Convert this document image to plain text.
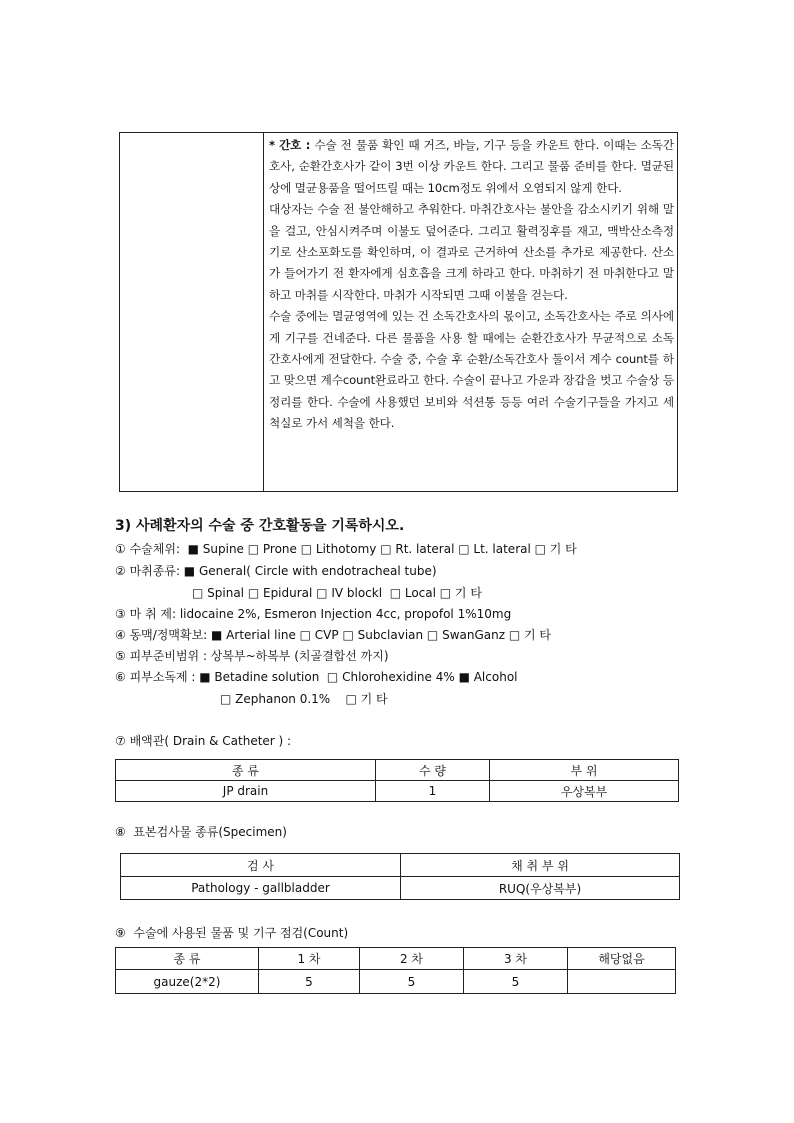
* 간호 : 수술 전 물품 확인 때 거즈, 바늘, 기구 등을 카운트 한다. 이때는 소독간호사, 순환간호사가 같이 3번 이상 카운트 한다. 그리고 물품 준비를 한다. 멸균된 상에 멸균용품을 떨어뜨릴 때는 10cm정도 위에서 오염되지 않게 한다.

대상자는 수술 전 불안해하고 추워한다. 마취간호사는 불안을 감소시키기 위해 말을 걸고, 안심시켜주며 이불도 덮어준다. 그리고 활력징후를 재고, 맥박산소측정기로 산소포화도를 확인하며, 이 결과로 근거하여 산소를 추가로 제공한다. 산소가 들어가기 전 환자에게 심호흡을 크게 하라고 한다. 마취하기 전 마취한다고 말하고 마취를 시작한다. 마취가 시작되면 그때 이불을 걷는다.

수술 중에는 멸균영역에 있는 건 소독간호사의 몫이고, 소독간호사는 주로 의사에게 기구를 건네준다. 다른 물품을 사용 할 때에는 순환간호사가 무균적으로 소독간호사에게 전달한다. 수술 중, 수술 후 순환/소독간호사 둘이서 계수 count를 하고 맞으면 계수count완료라고 한다. 수술이 끝나고 가운과 장갑을 벗고 수술상 등 정리를 한다. 수술에 사용했던 보비와 석션통 등등 여러 수술기구들을 가지고 세척실로 가서 세척을 한다.

3) 사례환자의 수술 중 간호활동을 기록하시오.
① 수술체위:  ■ Supine □ Prone □ Lithotomy □ Rt. lateral □ Lt. lateral □ 기 타
② 마취종류: ■ General( Circle with endotracheal tube)
□ Spinal □ Epidural □ IV blockl  □ Local □ 기 타
③ 마 취 제: lidocaine 2%, Esmeron Injection 4cc, propofol 1%10mg
④ 동맥/정맥확보: ■ Arterial line □ CVP □ Subclavian □ SwanGanz □ 기 타
⑤ 피부준비범위 : 상복부~하복부 (치골결합선 까지)
⑥ 피부소독제 : ■ Betadine solution  □ Chlorohexidine 4% ■ Alcohol
□ Zephanon 0.1%    □ 기 타
⑦ 배액관( Drain & Catheter ) :
종 류	수 량	부 위
JP drain	1	우상복부
⑧  표본검사물 종류(Specimen)
검 사	채 취 부 위
Pathology - gallbladder	RUQ(우상복부)
⑨  수술에 사용된 물품 및 기구 점검(Count)
종 류	1 차	2 차	3 차	해당없음
gauze(2*2)	5	5	5	
